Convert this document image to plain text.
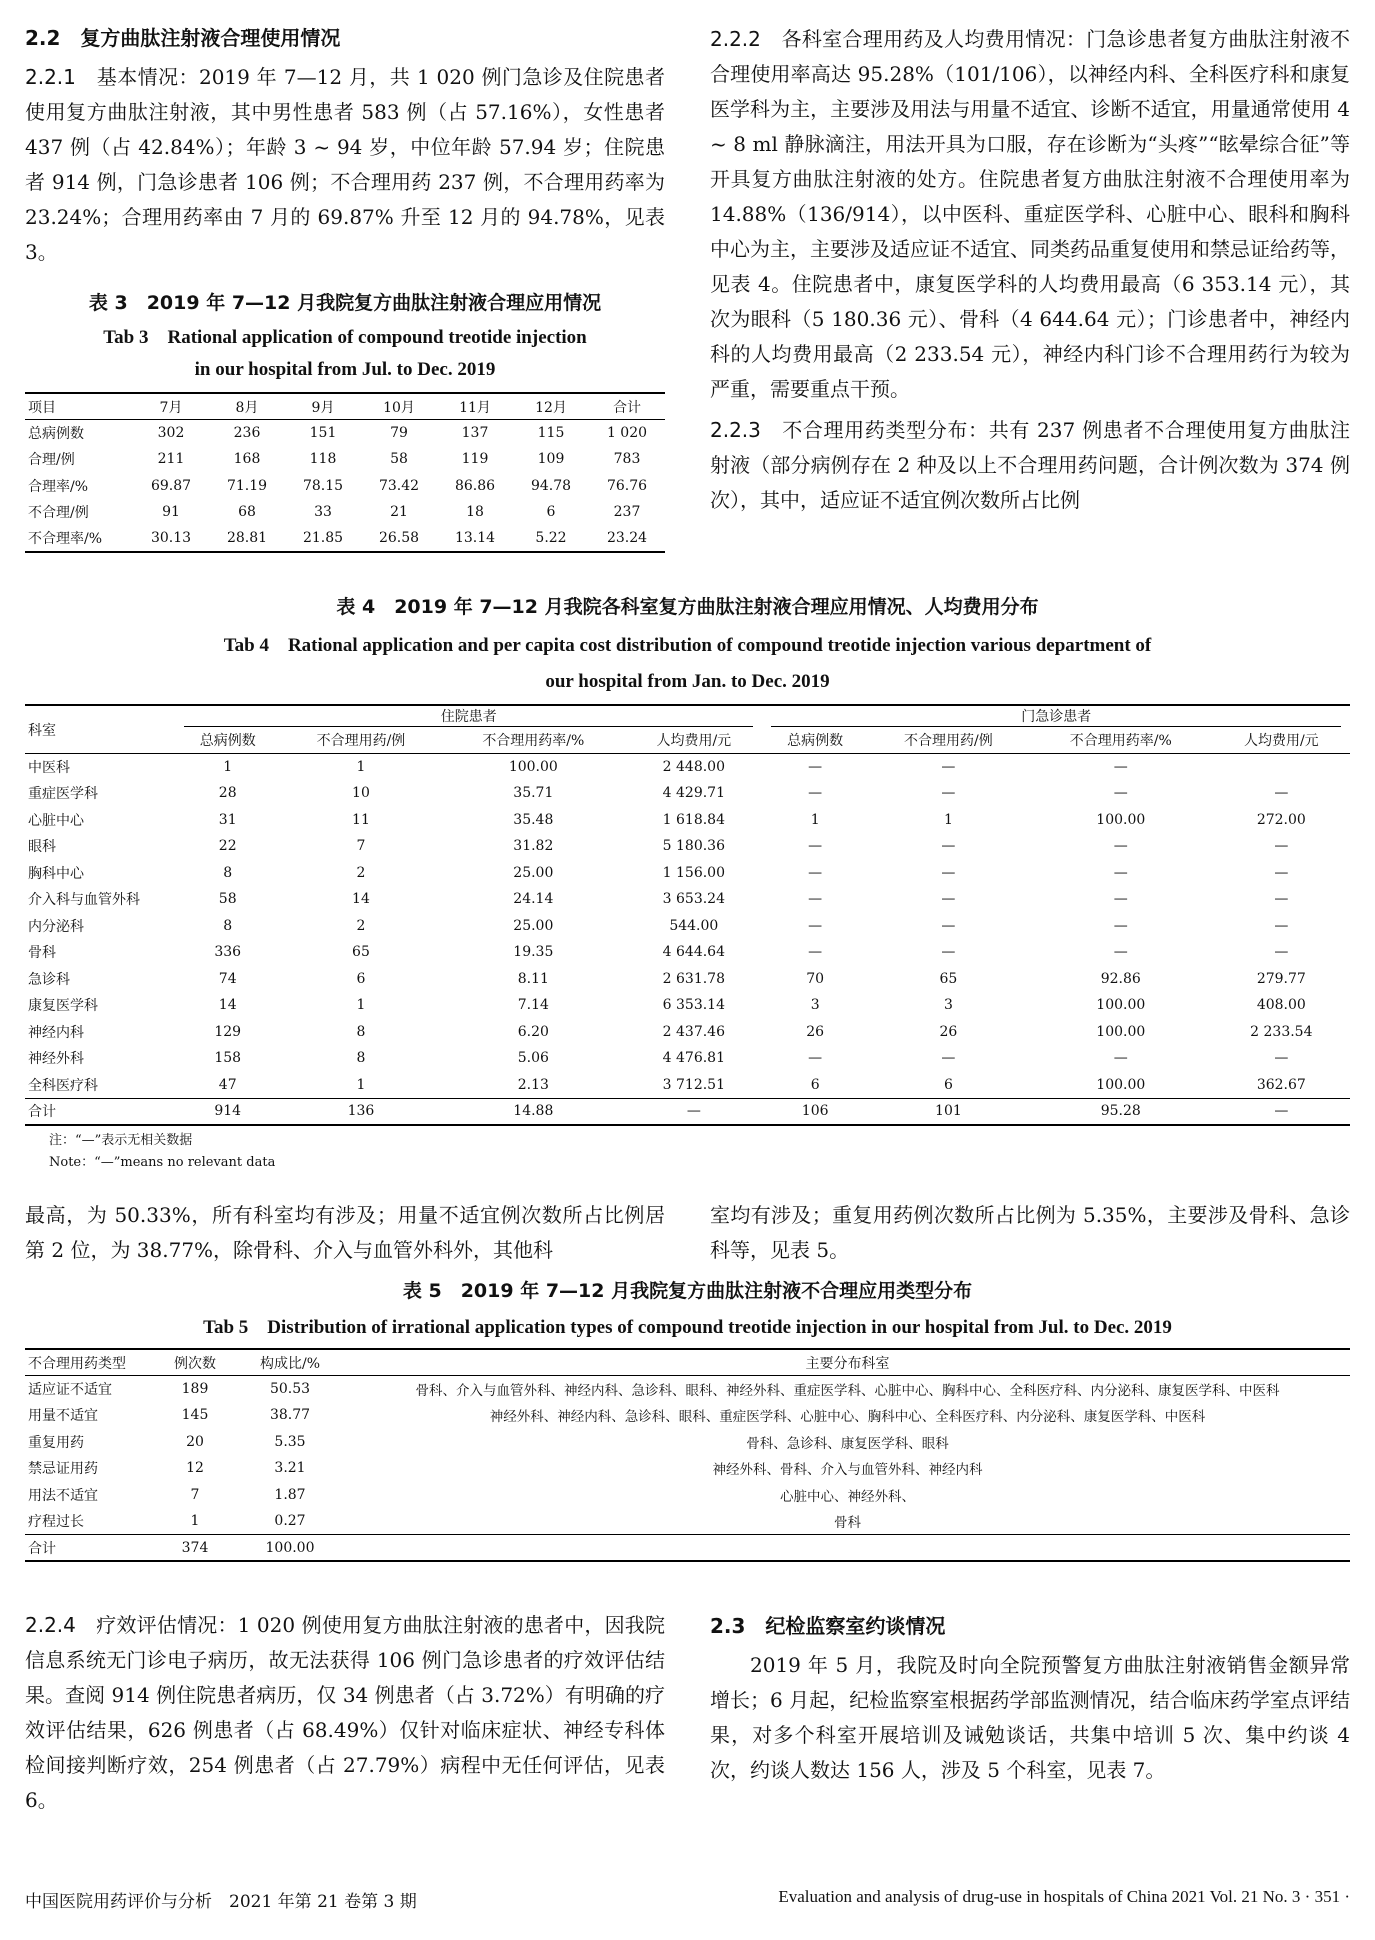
2.2　复方曲肽注射液合理使用情况

2.2.1　基本情况：2019 年 7—12 月，共 1 020 例门急诊及住院患者使用复方曲肽注射液，其中男性患者 583 例（占 57.16%），女性患者 437 例（占 42.84%）；年龄 3 ~ 94 岁，中位年龄 57.94 岁；住院患者 914 例，门急诊患者 106 例；不合理用药 237 例，不合理用药率为 23.24%；合理用药率由 7 月的 69.87% 升至 12 月的 94.78%，见表 3。

表 3　2019 年 7—12 月我院复方曲肽注射液合理应用情况
Tab 3　Rational application of compound treotide injection
in our hospital from Jul. to Dec. 2019
项目	7月	8月	9月	10月	11月	12月	合计
总病例数	302	236	151	79	137	115	1 020
合理/例	211	168	118	58	119	109	783
合理率/%	69.87	71.19	78.15	73.42	86.86	94.78	76.76
不合理/例	91	68	33	21	18	6	237
不合理率/%	30.13	28.81	21.85	26.58	13.14	5.22	23.24

2.2.2　各科室合理用药及人均费用情况：门急诊患者复方曲肽注射液不合理使用率高达 95.28%（101/106），以神经内科、全科医疗科和康复医学科为主，主要涉及用法与用量不适宜、诊断不适宜，用量通常使用 4 ~ 8 ml 静脉滴注，用法开具为口服，存在诊断为“头疼”“眩晕综合征”等开具复方曲肽注射液的处方。住院患者复方曲肽注射液不合理使用率为 14.88%（136/914），以中医科、重症医学科、心脏中心、眼科和胸科中心为主，主要涉及适应证不适宜、同类药品重复使用和禁忌证给药等，见表 4。住院患者中，康复医学科的人均费用最高（6 353.14 元），其次为眼科（5 180.36 元）、骨科（4 644.64 元）；门诊患者中，神经内科的人均费用最高（2 233.54 元），神经内科门诊不合理用药行为较为严重，需要重点干预。

2.2.3　不合理用药类型分布：共有 237 例患者不合理使用复方曲肽注射液（部分病例存在 2 种及以上不合理用药问题，合计例次数为 374 例次），其中，适应证不适宜例次数所占比例

表 4　2019 年 7—12 月我院各科室复方曲肽注射液合理应用情况、人均费用分布
Tab 4　Rational application and per capita cost distribution of compound treotide injection various department of
our hospital from Jan. to Dec. 2019
科室	住院患者				门急诊患者			

	总病例数	不合理用药/例	不合理用药率/%	人均费用/元	总病例数	不合理用药/例	不合理用药率/%	人均费用/元
中医科	1	1	100.00	2 448.00	—	—	—	
重症医学科	28	10	35.71	4 429.71	—	—	—	—
心脏中心	31	11	35.48	1 618.84	1	1	100.00	272.00
眼科	22	7	31.82	5 180.36	—	—	—	—
胸科中心	8	2	25.00	1 156.00	—	—	—	—
介入科与血管外科	58	14	24.14	3 653.24	—	—	—	—
内分泌科	8	2	25.00	544.00	—	—	—	—
骨科	336	65	19.35	4 644.64	—	—	—	—
急诊科	74	6	8.11	2 631.78	70	65	92.86	279.77
康复医学科	14	1	7.14	6 353.14	3	3	100.00	408.00
神经内科	129	8	6.20	2 437.46	26	26	100.00	2 233.54
神经外科	158	8	5.06	4 476.81	—	—	—	—
全科医疗科	47	1	2.13	3 712.51	6	6	100.00	362.67
合计	914	136	14.88	—	106	101	95.28	—
注：“—”表示无相关数据
Note：“—”means no relevant data

最高，为 50.33%，所有科室均有涉及；用量不适宜例次数所占比例居第 2 位，为 38.77%，除骨科、介入与血管外科外，其他科

室均有涉及；重复用药例次数所占比例为 5.35%，主要涉及骨科、急诊科等，见表 5。

表 5　2019 年 7—12 月我院复方曲肽注射液不合理应用类型分布
Tab 5　Distribution of irrational application types of compound treotide injection in our hospital from Jul. to Dec. 2019
不合理用药类型	例次数	构成比/%	主要分布科室
适应证不适宜	189	50.53	骨科、介入与血管外科、神经内科、急诊科、眼科、神经外科、重症医学科、心脏中心、胸科中心、全科医疗科、内分泌科、康复医学科、中医科
用量不适宜	145	38.77	神经外科、神经内科、急诊科、眼科、重症医学科、心脏中心、胸科中心、全科医疗科、内分泌科、康复医学科、中医科
重复用药	20	5.35	骨科、急诊科、康复医学科、眼科
禁忌证用药	12	3.21	神经外科、骨科、介入与血管外科、神经内科
用法不适宜	7	1.87	心脏中心、神经外科、
疗程过长	1	0.27	骨科
合计	374	100.00	

2.2.4　疗效评估情况：1 020 例使用复方曲肽注射液的患者中，因我院信息系统无门诊电子病历，故无法获得 106 例门急诊患者的疗效评估结果。查阅 914 例住院患者病历，仅 34 例患者（占 3.72%）有明确的疗效评估结果，626 例患者（占 68.49%）仅针对临床症状、神经专科体检间接判断疗效，254 例患者（占 27.79%）病程中无任何评估，见表 6。

2.3　纪检监察室约谈情况

2019 年 5 月，我院及时向全院预警复方曲肽注射液销售金额异常增长；6 月起，纪检监察室根据药学部监测情况，结合临床药学室点评结果，对多个科室开展培训及诫勉谈话，共集中培训 5 次、集中约谈 4 次，约谈人数达 156 人，涉及 5 个科室，见表 7。

中国医院用药评价与分析　2021 年第 21 卷第 3 期	Evaluation and analysis of drug-use in hospitals of China 2021 Vol. 21 No. 3 · 351 ·
